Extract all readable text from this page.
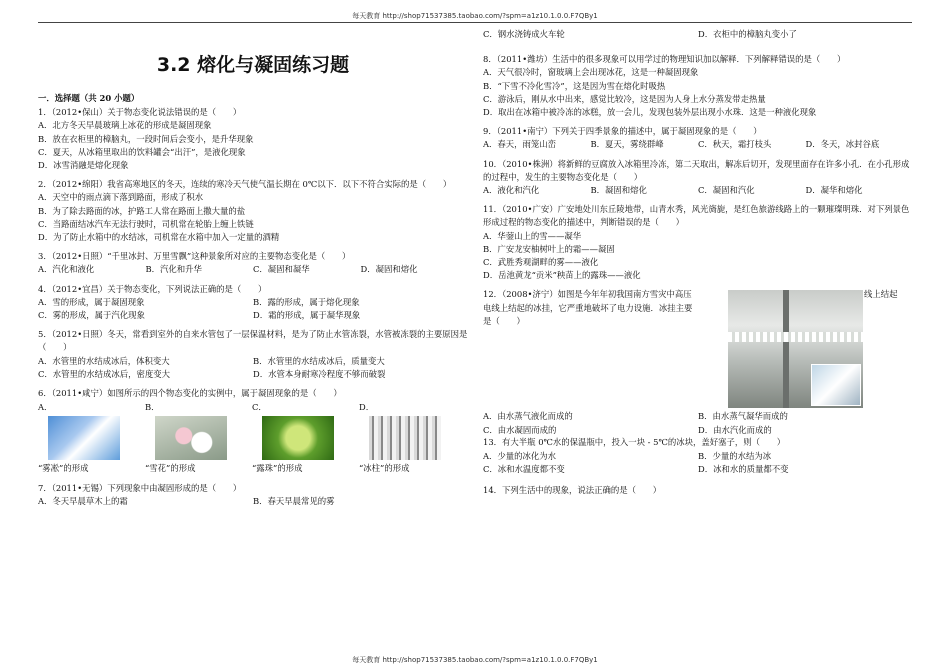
每天教育 http://shop71537385.taobao.com/?spm=a1z10.1.0.0.F7QBy1
3.2 熔化与凝固练习题
一．选择题（共 20 小题）
1．（2012•保山）关于物态变化说法错误的是（　　）
A．北方冬天早晨玻璃上冰花的形成是凝固现象
B．放在衣柜里的樟脑丸，一段时间后会变小，是升华现象
C．夏天，从冰箱里取出的饮料罐会“出汗”，是液化现象
D．冰雪消融是熔化现象
2．（2012•绵阳）我省高寒地区的冬天，连续的寒冷天气使气温长期在 0℃以下．以下不符合实际的是（　　）
A．天空中的雨点滴下落到路面，形成了积水
B．为了除去路面的冰，护路工人常在路面上撒大量的盐
C．当路面结冰汽车无法行驶时，司机常在轮胎上缠上铁链
D．为了防止水箱中的水结冰，司机常在水箱中加入一定量的酒精
3．（2012•日照）“千里冰封、万里雪飘”这种景象所对应的主要物态变化是（　　）
A．汽化和液化	B．汽化和升华	C．凝固和凝华	D．凝固和熔化
4．（2012•宜昌）关于物态变化，下列说法正确的是（　　）
A．雪的形成，属于凝固现象	B．露的形成，属于熔化现象
C．雾的形成，属于汽化现象	D．霜的形成，属于凝华现象
5．（2012•日照）冬天，常看到室外的自来水管包了一层保温材料，是为了防止水管冻裂，水管被冻裂的主要原因是（　　）
A．水管里的水结成冰后，体积变大	B．水管里的水结成冰后，质量变大
C．水管里的水结成冰后，密度变大	D．水管本身耐寒冷程度不够而破裂
6．（2011•咸宁）如图所示的四个物态变化的实例中，属于凝固现象的是（　　）
A．
“雾凇”的形成
B．
“雪花”的形成
C．
“露珠”的形成
D．
“冰柱”的形成
7．（2011•无锡）下列现象中由凝固形成的是（　　）
A．冬天早晨草木上的霜	B．春天早晨常见的雾
C．钢水浇铸成火车轮	D．衣柜中的樟脑丸变小了
8．（2011•潍坊）生活中的很多现象可以用学过的物理知识加以解释．下列解释错误的是（　　）
A．天气很冷时，窗玻璃上会出现冰花，这是一种凝固现象
B．“下雪不冷化雪冷”，这是因为雪在熔化时吸热
C．游泳后，刚从水中出来，感觉比较冷，这是因为人身上水分蒸发带走热量
D．取出在冰箱中被冷冻的冰糕，放一会儿，发现包装外层出现小水珠．这是一种液化现象
9．（2011•南宁）下列关于四季景象的描述中，属于凝固现象的是（　　）
A．春天，雨笼山峦	B．夏天，雾绕群峰	C．秋天，霜打枝头	D．冬天，冰封谷底
10．（2010•株洲）将新鲜的豆腐放入冰箱里冷冻，第二天取出，解冻后切开，发现里面存在许多小孔．在小孔形成的过程中，发生的主要物态变化是（　　）
A．液化和汽化	B．凝固和熔化	C．凝固和汽化	D．凝华和熔化
11．（2010•广安）广安地处川东丘陵地带，山青水秀，风光旖旎，是红色旅游线路上的一颗璀璨明珠．对下列景色形成过程的物态变化的描述中，判断错误的是（　　）
A．华蓥山上的雪——凝华
B．广安龙安柚树叶上的霜——凝固
C．武胜秀观湖畔的雾——液化
D．岳池黄龙“贡米”秧苗上的露珠——液化
12．（2008•济宁）如图是今年年初我国南方雪灾中高压电线上结起的冰挂，它严重地破坏了电力设施．冰挂主要是（　　）
线上结起
A．由水蒸气液化而成的	B．由水蒸气凝华而成的
C．由水凝固而成的	D．由水汽化而成的
13．有大半瓶 0℃水的保温瓶中，投入一块 - 5℃的冰块，盖好塞子，则（　　）
A．少量的冰化为水	B．少量的水结为冰
C．冰和水温度都不变	D．冰和水的质量都不变
14．下列生活中的现象，说法正确的是（　　）
每天教育 http://shop71537385.taobao.com/?spm=a1z10.1.0.0.F7QBy1
